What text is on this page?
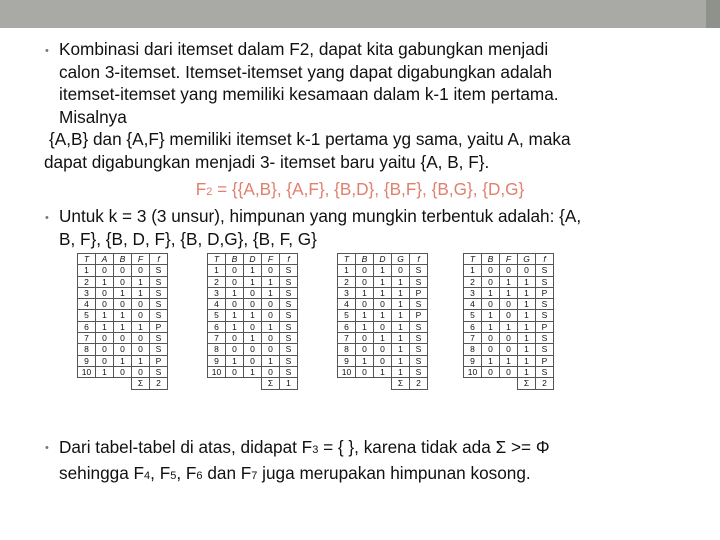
• Kombinasi dari itemset dalam F2, dapat kita gabungkan menjadi
calon 3-itemset. Itemset-itemset yang dapat digabungkan adalah
itemset-itemset yang memiliki kesamaan dalam k-1 item pertama.
Misalnya
{A,B} dan {A,F} memiliki itemset k-1 pertama yg sama, yaitu A, maka
dapat digabungkan menjadi 3- itemset baru yaitu {A, B, F}.
F2 = {{A,B}, {A,F}, {B,D}, {B,F}, {B,G}, {D,G}
• Untuk k = 3 (3 unsur), himpunan yang mungkin terbentuk adalah: {A,
B, F}, {B, D, F}, {B, D,G}, {B, F, G}
T	A	B	F	f
1	0	0	0	S
2	1	0	1	S
3	0	1	1	S
4	0	0	0	S
5	1	1	0	S
6	1	1	1	P
7	0	0	0	S
8	0	0	0	S
9	0	1	1	P
10	1	0	0	S
			Σ	2
T	B	D	F	f
1	0	1	0	S
2	0	1	1	S
3	1	0	1	S
4	0	0	0	S
5	1	1	0	S
6	1	0	1	S
7	0	1	0	S
8	0	0	0	S
9	1	0	1	S
10	0	1	0	S
			Σ	1
T	B	D	G	f
1	0	1	0	S
2	0	1	1	S
3	1	1	1	P
4	0	0	1	S
5	1	1	1	P
6	1	0	1	S
7	0	1	1	S
8	0	0	1	S
9	1	0	1	S
10	0	1	1	S
			Σ	2
T	B	F	G	f
1	0	0	0	S
2	0	1	1	S
3	1	1	1	P
4	0	0	1	S
5	1	0	1	S
6	1	1	1	P
7	0	0	1	S
8	0	0	1	S
9	1	1	1	P
10	0	0	1	S
			Σ	2
• Dari tabel-tabel di atas, didapat F3 = { }, karena tidak ada Σ >= Φ
sehingga F4, F5, F6 dan F7 juga merupakan himpunan kosong.
